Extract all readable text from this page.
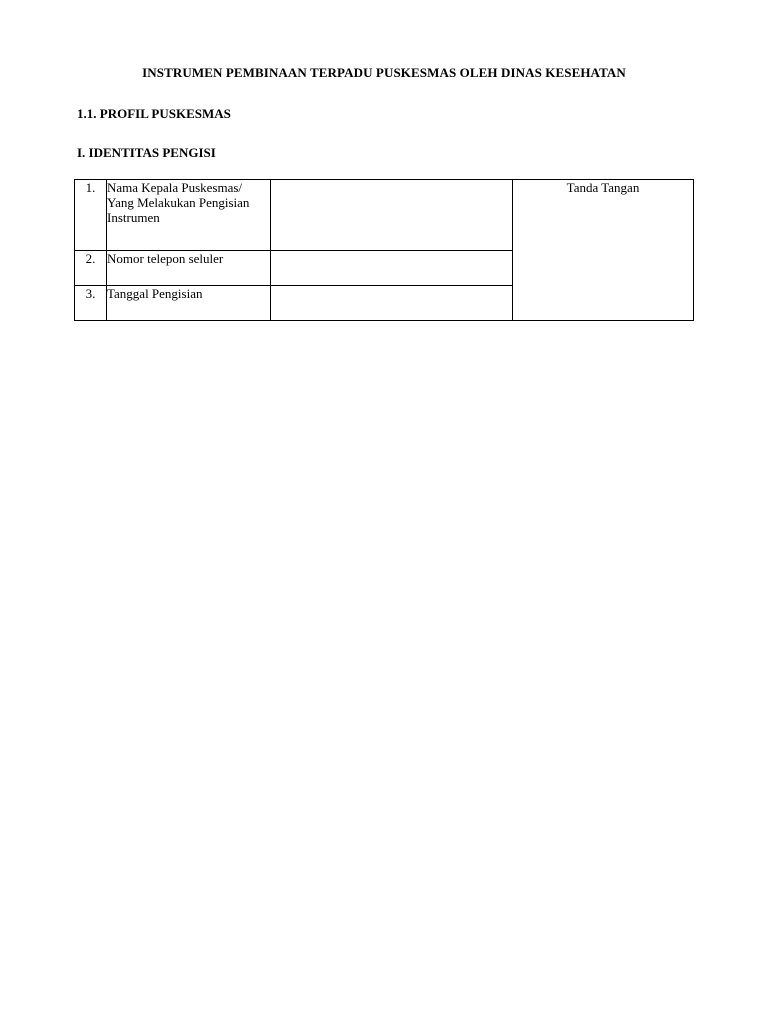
INSTRUMEN PEMBINAAN TERPADU PUSKESMAS OLEH DINAS KESEHATAN
1.1. PROFIL PUSKESMAS
I. IDENTITAS PENGISI
1.	Nama Kepala Puskesmas/
Yang Melakukan Pengisian
Instrumen		Tanda Tangan
2.	Nomor telepon seluler		

3.	Tanggal Pengisian		
